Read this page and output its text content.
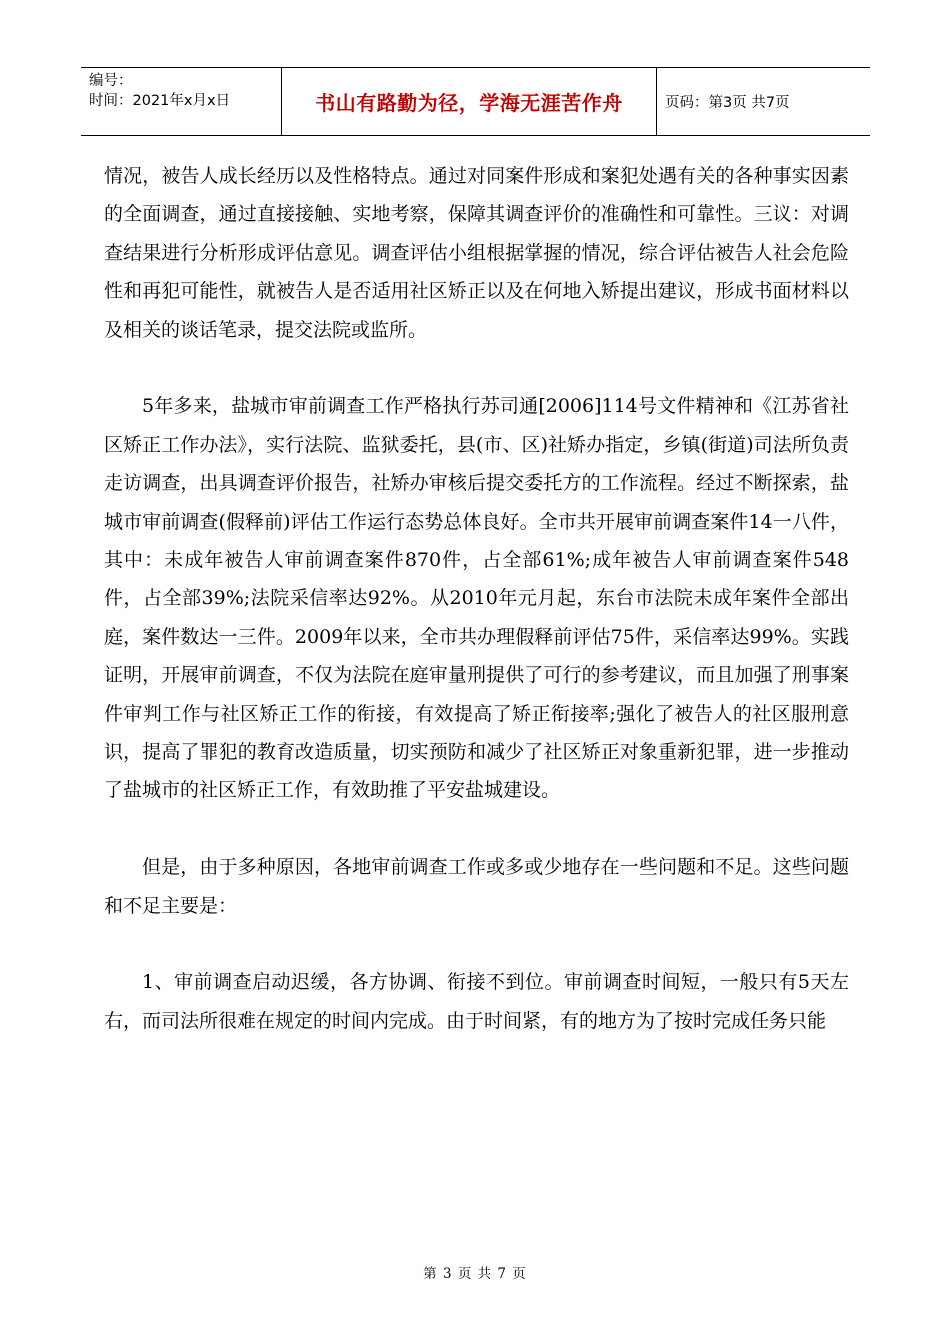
编号：
时间：2021年x月x日	书山有路勤为径，学海无涯苦作舟	页码：第3页 共7页

情况，被告人成长经历以及性格特点。通过对同案件形成和案犯处遇有关的各种事实因素的全面调查，通过直接接触、实地考察，保障其调查评价的准确性和可靠性。三议：对调查结果进行分析形成评估意见。调查评估小组根据掌握的情况，综合评估被告人社会危险性和再犯可能性，就被告人是否适用社区矫正以及在何地入矫提出建议，形成书面材料以及相关的谈话笔录，提交法院或监所。

5年多来，盐城市审前调查工作严格执行苏司通[2006]114号文件精神和《江苏省社区矫正工作办法》，实行法院、监狱委托，县(市、区)社矫办指定，乡镇(街道)司法所负责走访调查，出具调查评价报告，社矫办审核后提交委托方的工作流程。经过不断探索，盐城市审前调查(假释前)评估工作运行态势总体良好。全市共开展审前调查案件14一八件，其中：未成年被告人审前调查案件870件，占全部61%;成年被告人审前调查案件548件，占全部39%;法院采信率达92%。从2010年元月起，东台市法院未成年案件全部出庭，案件数达一三件。2009年以来，全市共办理假释前评估75件，采信率达99%。实践证明，开展审前调查，不仅为法院在庭审量刑提供了可行的参考建议，而且加强了刑事案件审判工作与社区矫正工作的衔接，有效提高了矫正衔接率;强化了被告人的社区服刑意识，提高了罪犯的教育改造质量，切实预防和减少了社区矫正对象重新犯罪，进一步推动了盐城市的社区矫正工作，有效助推了平安盐城建设。

但是，由于多种原因，各地审前调查工作或多或少地存在一些问题和不足。这些问题和不足主要是：

1、审前调查启动迟缓，各方协调、衔接不到位。审前调查时间短，一般只有5天左右，而司法所很难在规定的时间内完成。由于时间紧，有的地方为了按时完成任务只能

第 3 页 共 7 页
